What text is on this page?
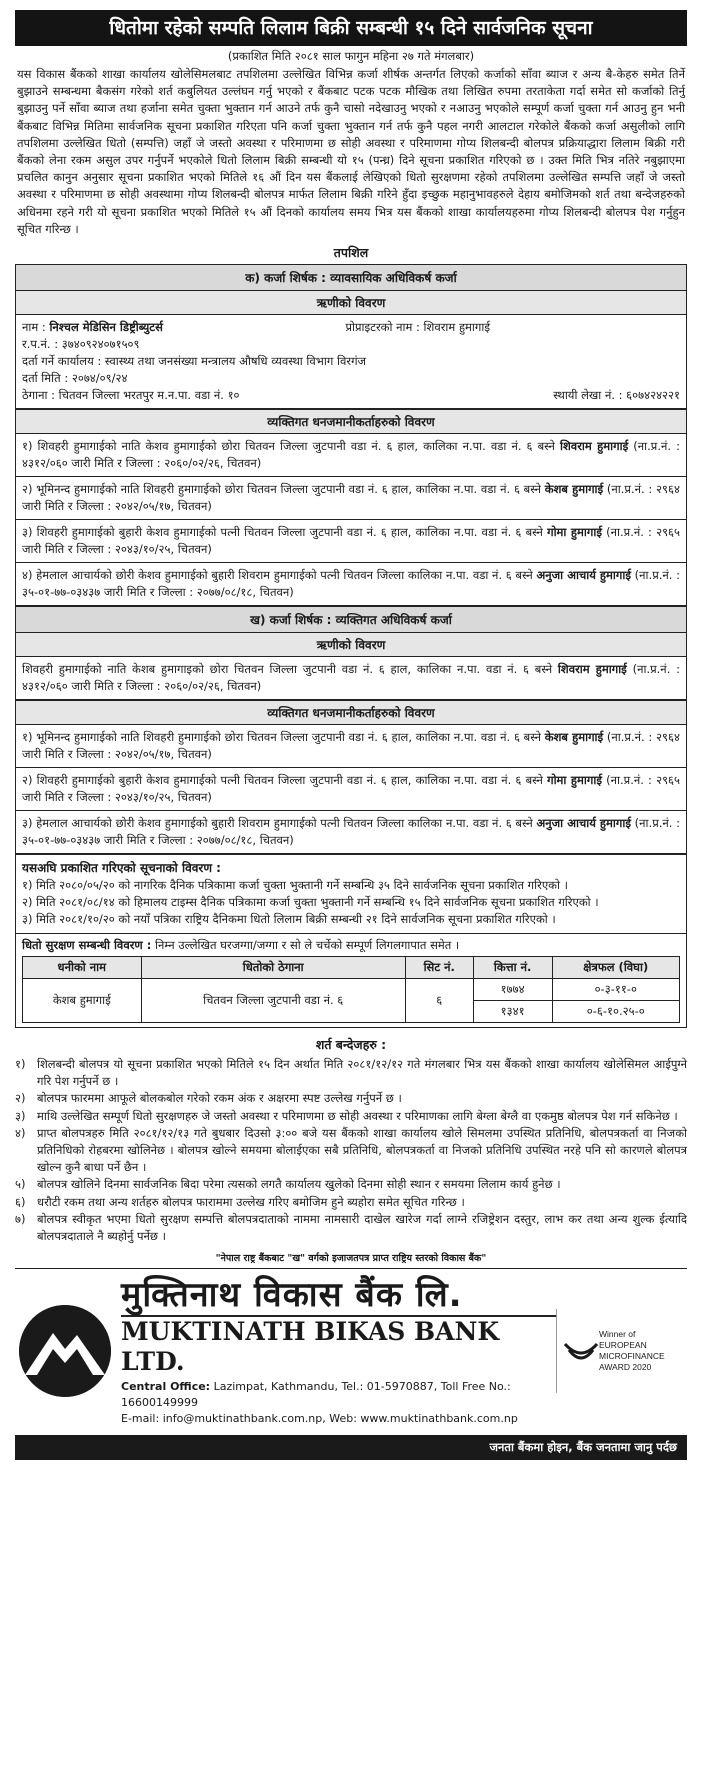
धितोमा रहेको सम्पति लिलाम बिक्री सम्बन्धी १५ दिने सार्वजनिक सूचना
(प्रकाशित मिति २०८१ साल फागुन महिना २७ गते मंगलबार)
यस विकास बैंकको शाखा कार्यालय खोलेसिमलबाट तपशिलमा उल्लेखित विभिन्न कर्जा शीर्षक अन्तर्गत लिएको कर्जाको साँवा ब्याज र अन्य बै-केहरु समेत तिर्ने बुझाउने सम्बन्धमा बैकसंग गरेको शर्त कबुलियत उल्लंघन गर्नु भएको र बैंकबाट पटक पटक मौखिक तथा लिखित रुपमा तरताकेता गर्दा समेत सो कर्जाको तिर्नु बुझाउनु पर्ने साँवा ब्याज तथा हर्जाना समेत चुक्ता भुक्तान गर्न आउने तर्फ कुनै चासो नदेखाउनु भएको र नआउनु भएकोले सम्पूर्ण कर्जा चुक्ता गर्न आउनु हुन भनी बैंकबाट विभिन्न मितिमा सार्वजनिक सूचना प्रकाशित गरिएता पनि कर्जा चुक्ता भुक्तान गर्न तर्फ कुनै पहल नगरी आलटाल गरेकोले बैंकको कर्जा असुलीको लागि तपशिलमा उल्लेखित धितो (सम्पत्ति) जहाँ जे जस्तो अवस्था र परिमाणमा छ सोही अवस्था र परिमाणमा गोप्य शिलबन्दी बोलपत्र प्रक्रियाद्धारा लिलाम बिक्री गरी बैंकको लेना रकम असुल उपर गर्नुपर्ने भएकोले धितो लिलाम बिक्री सम्बन्धी यो १५ (पन्ध्र) दिने सूचना प्रकाशित गरिएको छ । उक्त मिति भित्र नतिरे नबुझाएमा प्रचलित कानुन अनुसार सूचना प्रकाशित भएको मितिले १६ औं दिन यस बैंकलाई लेखिएको धितो सुरक्षणमा रहेको तपशिलमा उल्लेखित सम्पत्ति जहाँ जे जस्तो अवस्था र परिमाणमा छ सोही अवस्थामा गोप्य शिलबन्दी बोलपत्र मार्फत लिलाम बिक्री गरिने हुँदा इच्छुक महानुभावहरुले देहाय बमोजिमको शर्त तथा बन्देजहरुको अधिनमा रहने गरी यो सूचना प्रकाशित भएको मितिले १५ औं दिनको कार्यालय समय भित्र यस बैंकको शाखा कार्यालयहरुमा गोप्य शिलबन्दी बोलपत्र पेश गर्नुहुन सूचित गरिन्छ ।
तपशिल
क) कर्जा शिर्षक : व्यावसायिक अधिविकर्ष कर्जा
ऋणीको विवरण
नाम : निश्चल मेडिसिन डिष्ट्रीब्युटर्स	प्रोप्राइटरको नाम : शिवराम हुमागाई
र.प.नं. : ३७४०९२४०७१५०९
दर्ता गर्ने कार्यालय : स्वास्थ्य तथा जनसंख्या मन्त्रालय औषधि व्यवस्था विभाग विरगंज
दर्ता मिति : २०७४/०९/२४
ठेगाना : चितवन जिल्ला भरतपुर म.न.पा. वडा नं. १०	स्थायी लेखा नं. : ६०७४२४२२१
व्यक्तिगत धनजमानीकर्ताहरुको विवरण
१) शिवहरी हुमागाईको नाति केशव हुमागाईको छोरा चितवन जिल्ला जुटपानी वडा नं. ६ हाल, कालिका न.पा. वडा नं. ६ बस्ने शिवराम हुमागाई (ना.प्र.नं. : ४३१२/०६० जारी मिति र जिल्ला : २०६०/०२/२६, चितवन)
२) भूमिनन्द हुमागाईको नाति शिवहरी हुमागाईको छोरा चितवन जिल्ला जुटपानी वडा नं. ६ हाल, कालिका न.पा. वडा नं. ६ बस्ने केशब हुमागाई (ना.प्र.नं. : २९६४ जारी मिति र जिल्ला : २०४२/०५/१७, चितवन)
३) शिवहरी हुमागाईको बुहारी केशव हुमागाईको पत्नी चितवन जिल्ला जुटपानी वडा नं. ६ हाल, कालिका न.पा. वडा नं. ६ बस्ने गोमा हुमागाई (ना.प्र.नं. : २९६५ जारी मिति र जिल्ला : २०४३/१०/२५, चितवन)
४) हेमलाल आचार्यको छोरी केशव हुमागाईको बुहारी शिवराम हुमागाईको पत्नी चितवन जिल्ला कालिका न.पा. वडा नं. ६ बस्ने अनुजा आचार्य हुमागाई (ना.प्र.नं. : ३५-०१-७७-०३४३७ जारी मिति र जिल्ला : २०७७/०८/१८, चितवन)
ख) कर्जा शिर्षक : व्यक्तिगत अधिविकर्ष कर्जा
ऋणीको विवरण
शिवहरी हुमागाईको नाति केशब हुमागाइको छोरा चितवन जिल्ला जुटपानी वडा नं. ६ हाल, कालिका न.पा. वडा नं. ६ बस्ने शिवराम हुमागाई (ना.प्र.नं. : ४३१२/०६० जारी मिति र जिल्ला : २०६०/०२/२६, चितवन)
व्यक्तिगत धनजमानीकर्ताहरुको विवरण
१) भूमिनन्द हुमागाईको नाति शिवहरी हुमागाईको छोरा चितवन जिल्ला जुटपानी वडा नं. ६ हाल, कालिका न.पा. वडा नं. ६ बस्ने केशब हुमागाई (ना.प्र.नं. : २९६४ जारी मिति र जिल्ला : २०४२/०५/१७, चितवन)
२) शिवहरी हुमागाईको बुहारी केशव हुमागाईको पत्नी चितवन जिल्ला जुटपानी वडा नं. ६ हाल, कालिका न.पा. वडा नं. ६ बस्ने गोमा हुमागाई (ना.प्र.नं. : २९६५ जारी मिति र जिल्ला : २०४३/१०/२५, चितवन)
३) हेमलाल आचार्यको छोरी केशव हुमागाईको बुहारी शिवराम हुमागाईको पत्नी चितवन जिल्ला कालिका न.पा. वडा नं. ६ बस्ने अनुजा आचार्य हुमागाई (ना.प्र.नं. : ३५-०१-७७-०३४३७ जारी मिति र जिल्ला : २०७७/०८/१८, चितवन)
यसअघि प्रकाशित गरिएको सूचनाको विवरण :
१) मिति २०८०/०५/२० को नागरिक दैनिक पत्रिकामा कर्जा चुक्ता भुक्तानी गर्ने सम्बन्धि ३५ दिने सार्वजनिक सूचना प्रकाशित गरिएको ।
२) मिति २०८१/०८/१४ को हिमालय टाइम्स दैनिक पत्रिकामा कर्जा चुक्ता भुक्तानी गर्ने सम्बन्धि १५ दिने सार्वजनिक सूचना प्रकाशित गरिएको ।
३) मिति २०८१/१०/२० को नयाँ पत्रिका राष्ट्रिय दैनिकमा धितो लिलाम बिक्री सम्बन्धी २१ दिने सार्वजनिक सूचना प्रकाशित गरिएको ।
धितो सुरक्षण सम्बन्धी विवरण : निम्न उल्लेखित घरजग्गा/जग्गा र सो ले चर्चेको सम्पूर्ण लिगलगापात समेत ।
धनीको नाम	धितोको ठेगाना	सिट नं.	कित्ता नं.	क्षेत्रफल (विघा)
केशब हुमागाई	चितवन जिल्ला जुटपानी वडा नं. ६	६	१७७४	०-३-११-०
			१३४१	०-६-१०.२५-०
शर्त बन्देजहरु :
१)	शिलबन्दी बोलपत्र यो सूचना प्रकाशित भएको मितिले १५ दिन अर्थात मिति २०८१/१२/१२ गते मंगलबार भित्र यस बैंकको शाखा कार्यालय खोलेसिमल आईपुग्ने गरि पेश गर्नुपर्ने छ ।
२)	बोलपत्र फारममा आफूले बोलकबोल गरेको रकम अंक र अक्षरमा स्पष्ट उल्लेख गर्नुपर्ने छ ।
३)	माथि उल्लेखित सम्पूर्ण धितो सुरक्षणहरु जे जस्तो अवस्था र परिमाणमा छ सोही अवस्था र परिमाणका लागि बेग्ला बेग्लै वा एकमुष्ठ बोलपत्र पेश गर्न सकिनेछ ।
४)	प्राप्त बोलपत्रहरु मिति २०८१/१२/१३ गते बुधबार दिउसो ३:०० बजे यस बैंकको शाखा कार्यालय खोले सिमलमा उपस्थित प्रतिनिधि, बोलपत्रकर्ता वा निजको प्रतिनिधिको रोहबरमा खोलिनेछ । बोलपत्र खोल्ने समयमा बोलाईएका सबै प्रतिनिधि, बोलपत्रकर्ता वा निजको प्रतिनिधि उपस्थित नरहे पनि सो कारणले बोलपत्र खोल्न कुनै बाधा पर्ने छैन ।
५)	बोलपत्र खोलिने दिनमा सार्वजनिक बिदा परेमा त्यसको लगतै कार्यालय खुलेको दिनमा सोही स्थान र समयमा लिलाम कार्य हुनेछ ।
६)	धरौटी रकम तथा अन्य शर्तहरु बोलपत्र फाराममा उल्लेख गरिए बमोजिम हुने ब्यहोरा समेत सूचित गरिन्छ ।
७)	बोलपत्र स्वीकृत भएमा धितो सुरक्षण सम्पत्ति बोलपत्रदाताको नाममा नामसारी दाखेल खारेज गर्दा लाग्ने रजिष्ट्रेशन दस्तुर, लाभ कर तथा अन्य शुल्क ईत्यादि बोलपत्रदाताले नै ब्यहोर्नु पर्नेछ ।
"नेपाल राष्ट्र बैंकबाट "ख" वर्गको इजाजतपत्र प्राप्त राष्ट्रिय स्तरको विकास बैंक"
मुक्तिनाथ विकास बैंक लि.
MUKTINATH BIKAS BANK LTD.
Central Office: Lazimpat, Kathmandu, Tel.: 01-5970887, Toll Free No.: 16600149999
E-mail: info@muktinathbank.com.np, Web: www.muktinathbank.com.np
Winner of
EUROPEAN
MICROFINANCE
AWARD 2020
जनता बैंकमा होइन, बैंक जनतामा जानु पर्दछ
